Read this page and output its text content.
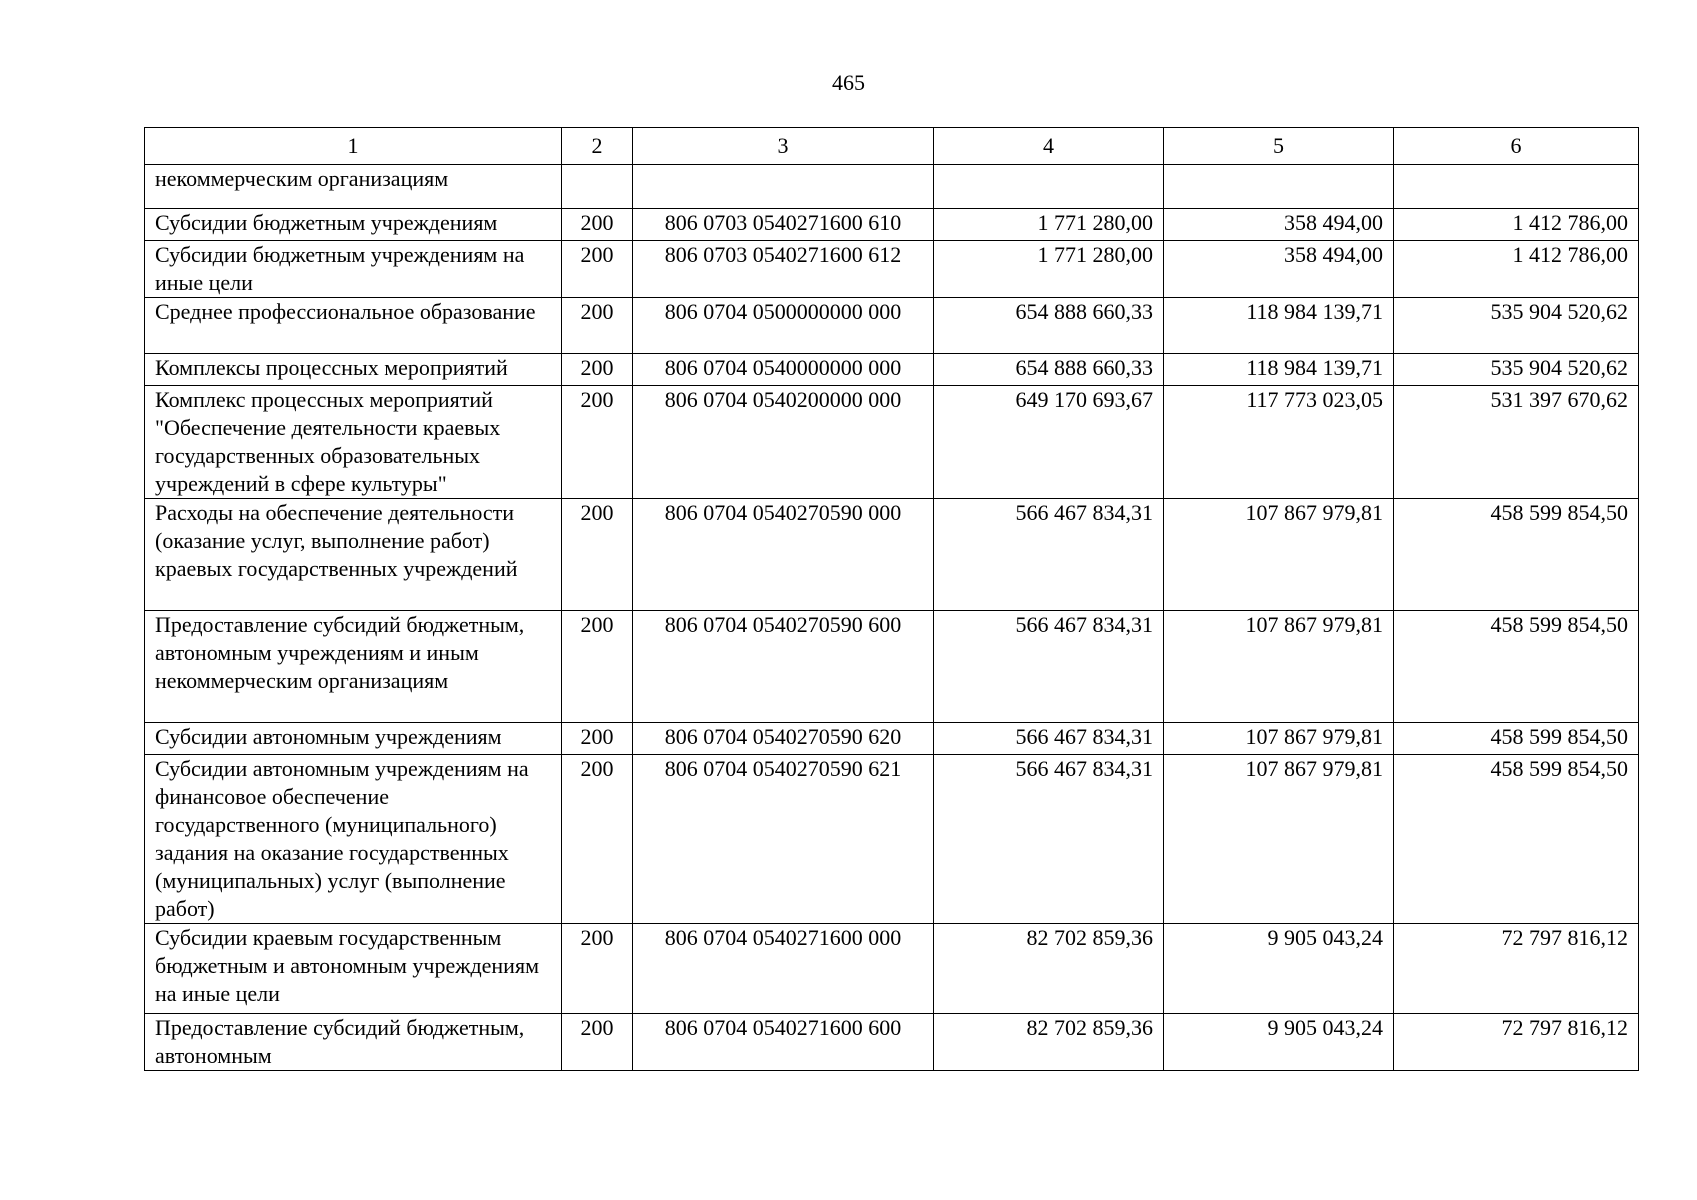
465
1	2	3	4	5	6
некоммерческим организациям					
Субсидии бюджетным учреждениям	200	806 0703 0540271600 610	1 771 280,00	358 494,00	1 412 786,00
Субсидии бюджетным учреждениям на иные цели	200	806 0703 0540271600 612	1 771 280,00	358 494,00	1 412 786,00
Среднее профессиональное образование	200	806 0704 0500000000 000	654 888 660,33	118 984 139,71	535 904 520,62
Комплексы процессных мероприятий	200	806 0704 0540000000 000	654 888 660,33	118 984 139,71	535 904 520,62
Комплекс процессных мероприятий "Обеспечение деятельности краевых государственных образовательных учреждений в сфере культуры"	200	806 0704 0540200000 000	649 170 693,67	117 773 023,05	531 397 670,62
Расходы на обеспечение деятельности (оказание услуг, выполнение работ) краевых государственных учреждений	200	806 0704 0540270590 000	566 467 834,31	107 867 979,81	458 599 854,50
Предоставление субсидий бюджетным, автономным учреждениям и иным некоммерческим организациям	200	806 0704 0540270590 600	566 467 834,31	107 867 979,81	458 599 854,50
Субсидии автономным учреждениям	200	806 0704 0540270590 620	566 467 834,31	107 867 979,81	458 599 854,50
Субсидии автономным учреждениям на финансовое обеспечение государственного (муниципального) задания на оказание государственных (муниципальных) услуг (выполнение работ)	200	806 0704 0540270590 621	566 467 834,31	107 867 979,81	458 599 854,50
Субсидии краевым государственным бюджетным и автономным учреждениям на иные цели	200	806 0704 0540271600 000	82 702 859,36	9 905 043,24	72 797 816,12
Предоставление субсидий бюджетным, автономным	200	806 0704 0540271600 600	82 702 859,36	9 905 043,24	72 797 816,12
